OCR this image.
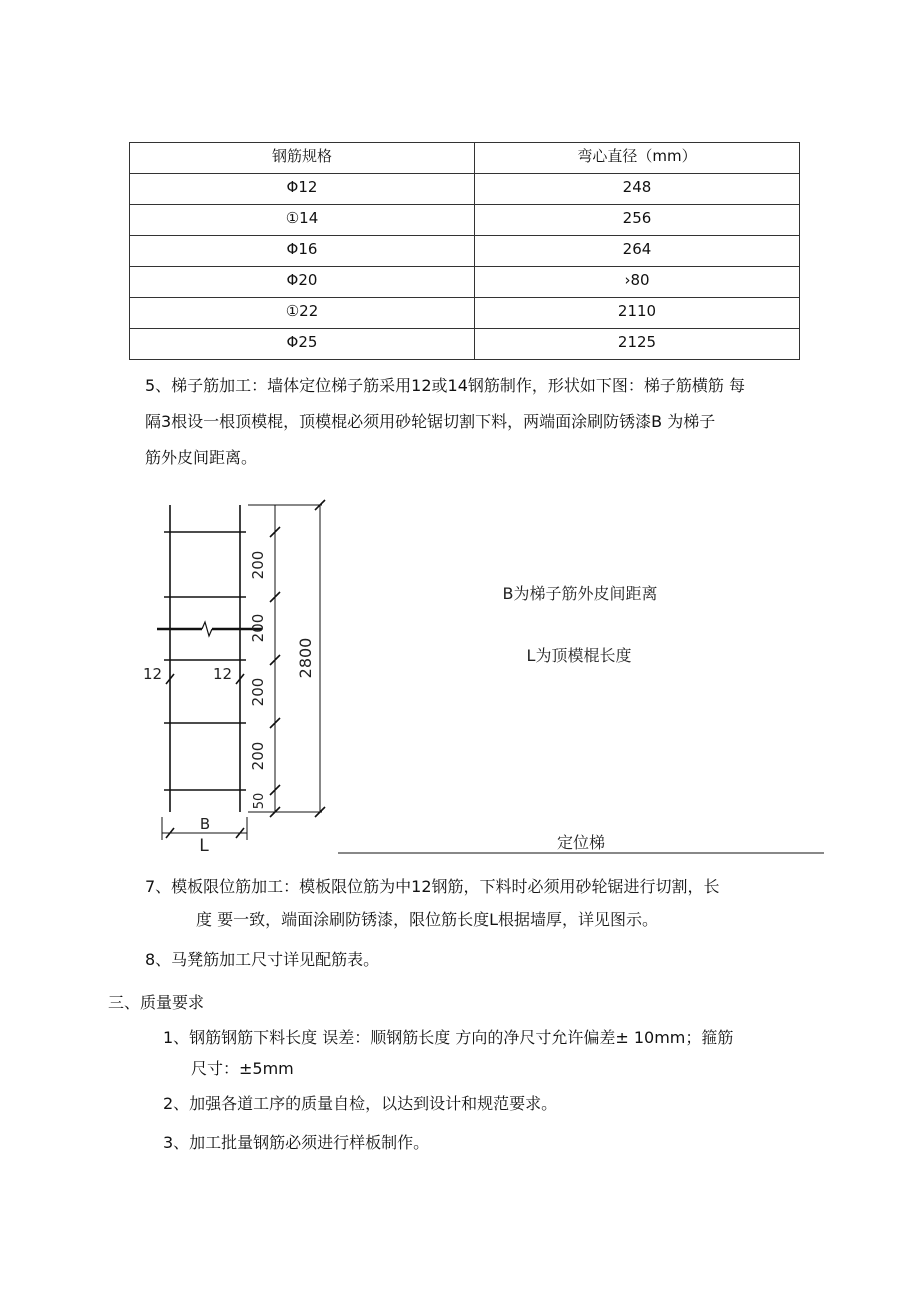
钢筋规格	弯心直径（mm）
Φ12	248
①14	256
Φ16	264
Φ20	›80
①22	2110
Φ25	2125
5、梯子筋加工：墙体定位梯子筋采用12或14钢筋制作，形状如下图：梯子筋横筋 每
隔3根设一根顶模棍，顶模棍必须用砂轮锯切割下料，两端面涂刷防锈漆B 为梯子
筋外皮间距离。
200
200
200
200
50
2800
12	12
B
L
B为梯子筋外皮间距离
L为顶模棍长度
定位梯
7、模板限位筋加工：模板限位筋为中12钢筋，下料时必须用砂轮锯进行切割，长
度 要一致，端面涂刷防锈漆，限位筋长度L根据墙厚，详见图示。
8、马凳筋加工尺寸详见配筋表。
三、质量要求
1、钢筋钢筋下料长度 误差：顺钢筋长度 方向的净尺寸允许偏差± 10mm；箍筋
尺寸：±5mm
2、加强各道工序的质量自检，以达到设计和规范要求。
3、加工批量钢筋必须进行样板制作。
